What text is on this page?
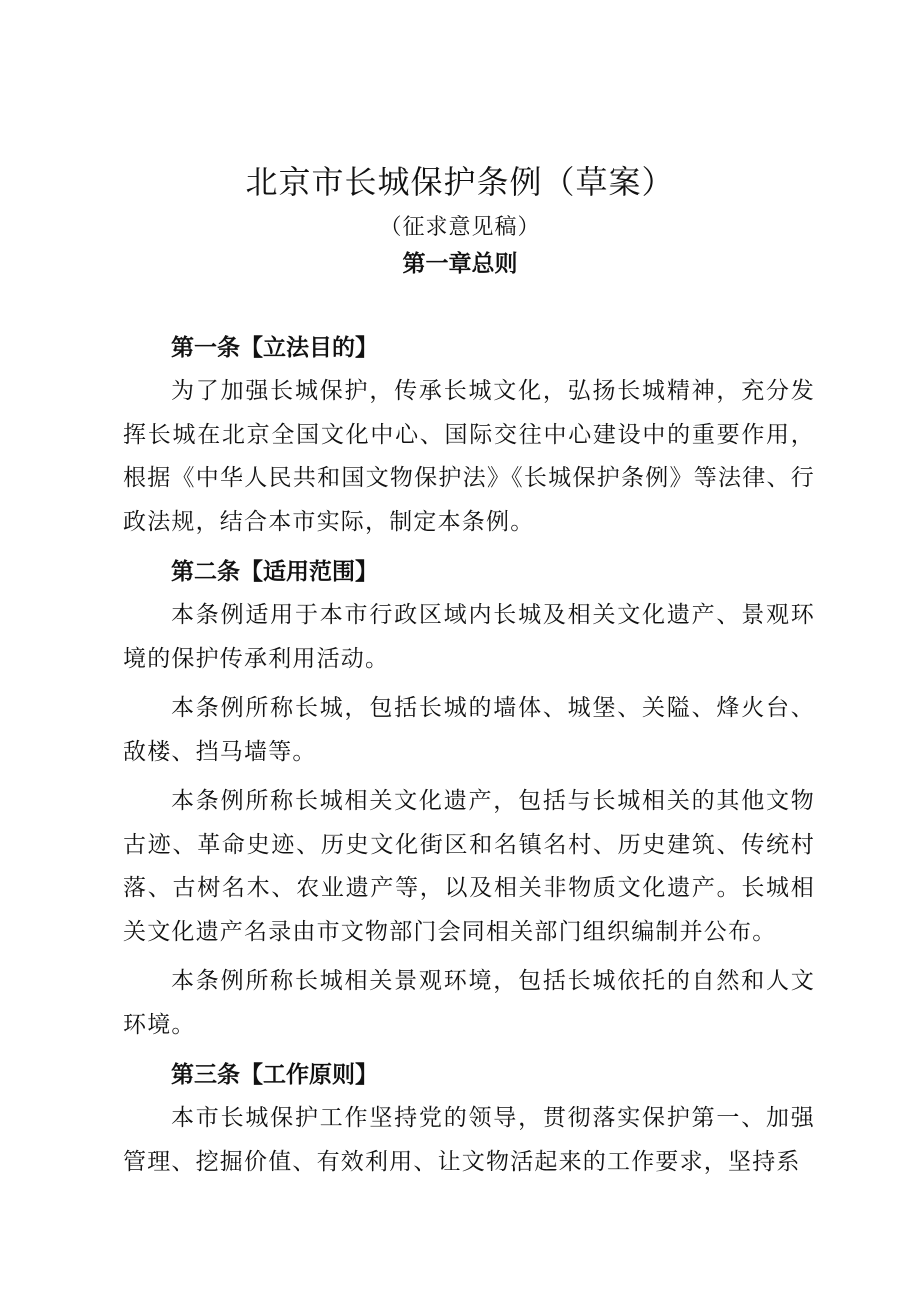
北京市长城保护条例（草案）
（征求意见稿）
第一章总则

第一条【立法目的】

为了加强长城保护，传承长城文化，弘扬长城精神，充分发挥长城在北京全国文化中心、国际交往中心建设中的重要作用，根据《中华人民共和国文物保护法》《长城保护条例》等法律、行政法规，结合本市实际，制定本条例。

第二条【适用范围】

本条例适用于本市行政区域内长城及相关文化遗产、景观环境的保护传承利用活动。

本条例所称长城，包括长城的墙体、城堡、关隘、烽火台、敌楼、挡马墙等。

本条例所称长城相关文化遗产，包括与长城相关的其他文物古迹、革命史迹、历史文化街区和名镇名村、历史建筑、传统村落、古树名木、农业遗产等，以及相关非物质文化遗产。长城相关文化遗产名录由市文物部门会同相关部门组织编制并公布。

本条例所称长城相关景观环境，包括长城依托的自然和人文环境。

第三条【工作原则】

本市长城保护工作坚持党的领导，贯彻落实保护第一、加强管理、挖掘价值、有效利用、让文物活起来的工作要求，坚持系
